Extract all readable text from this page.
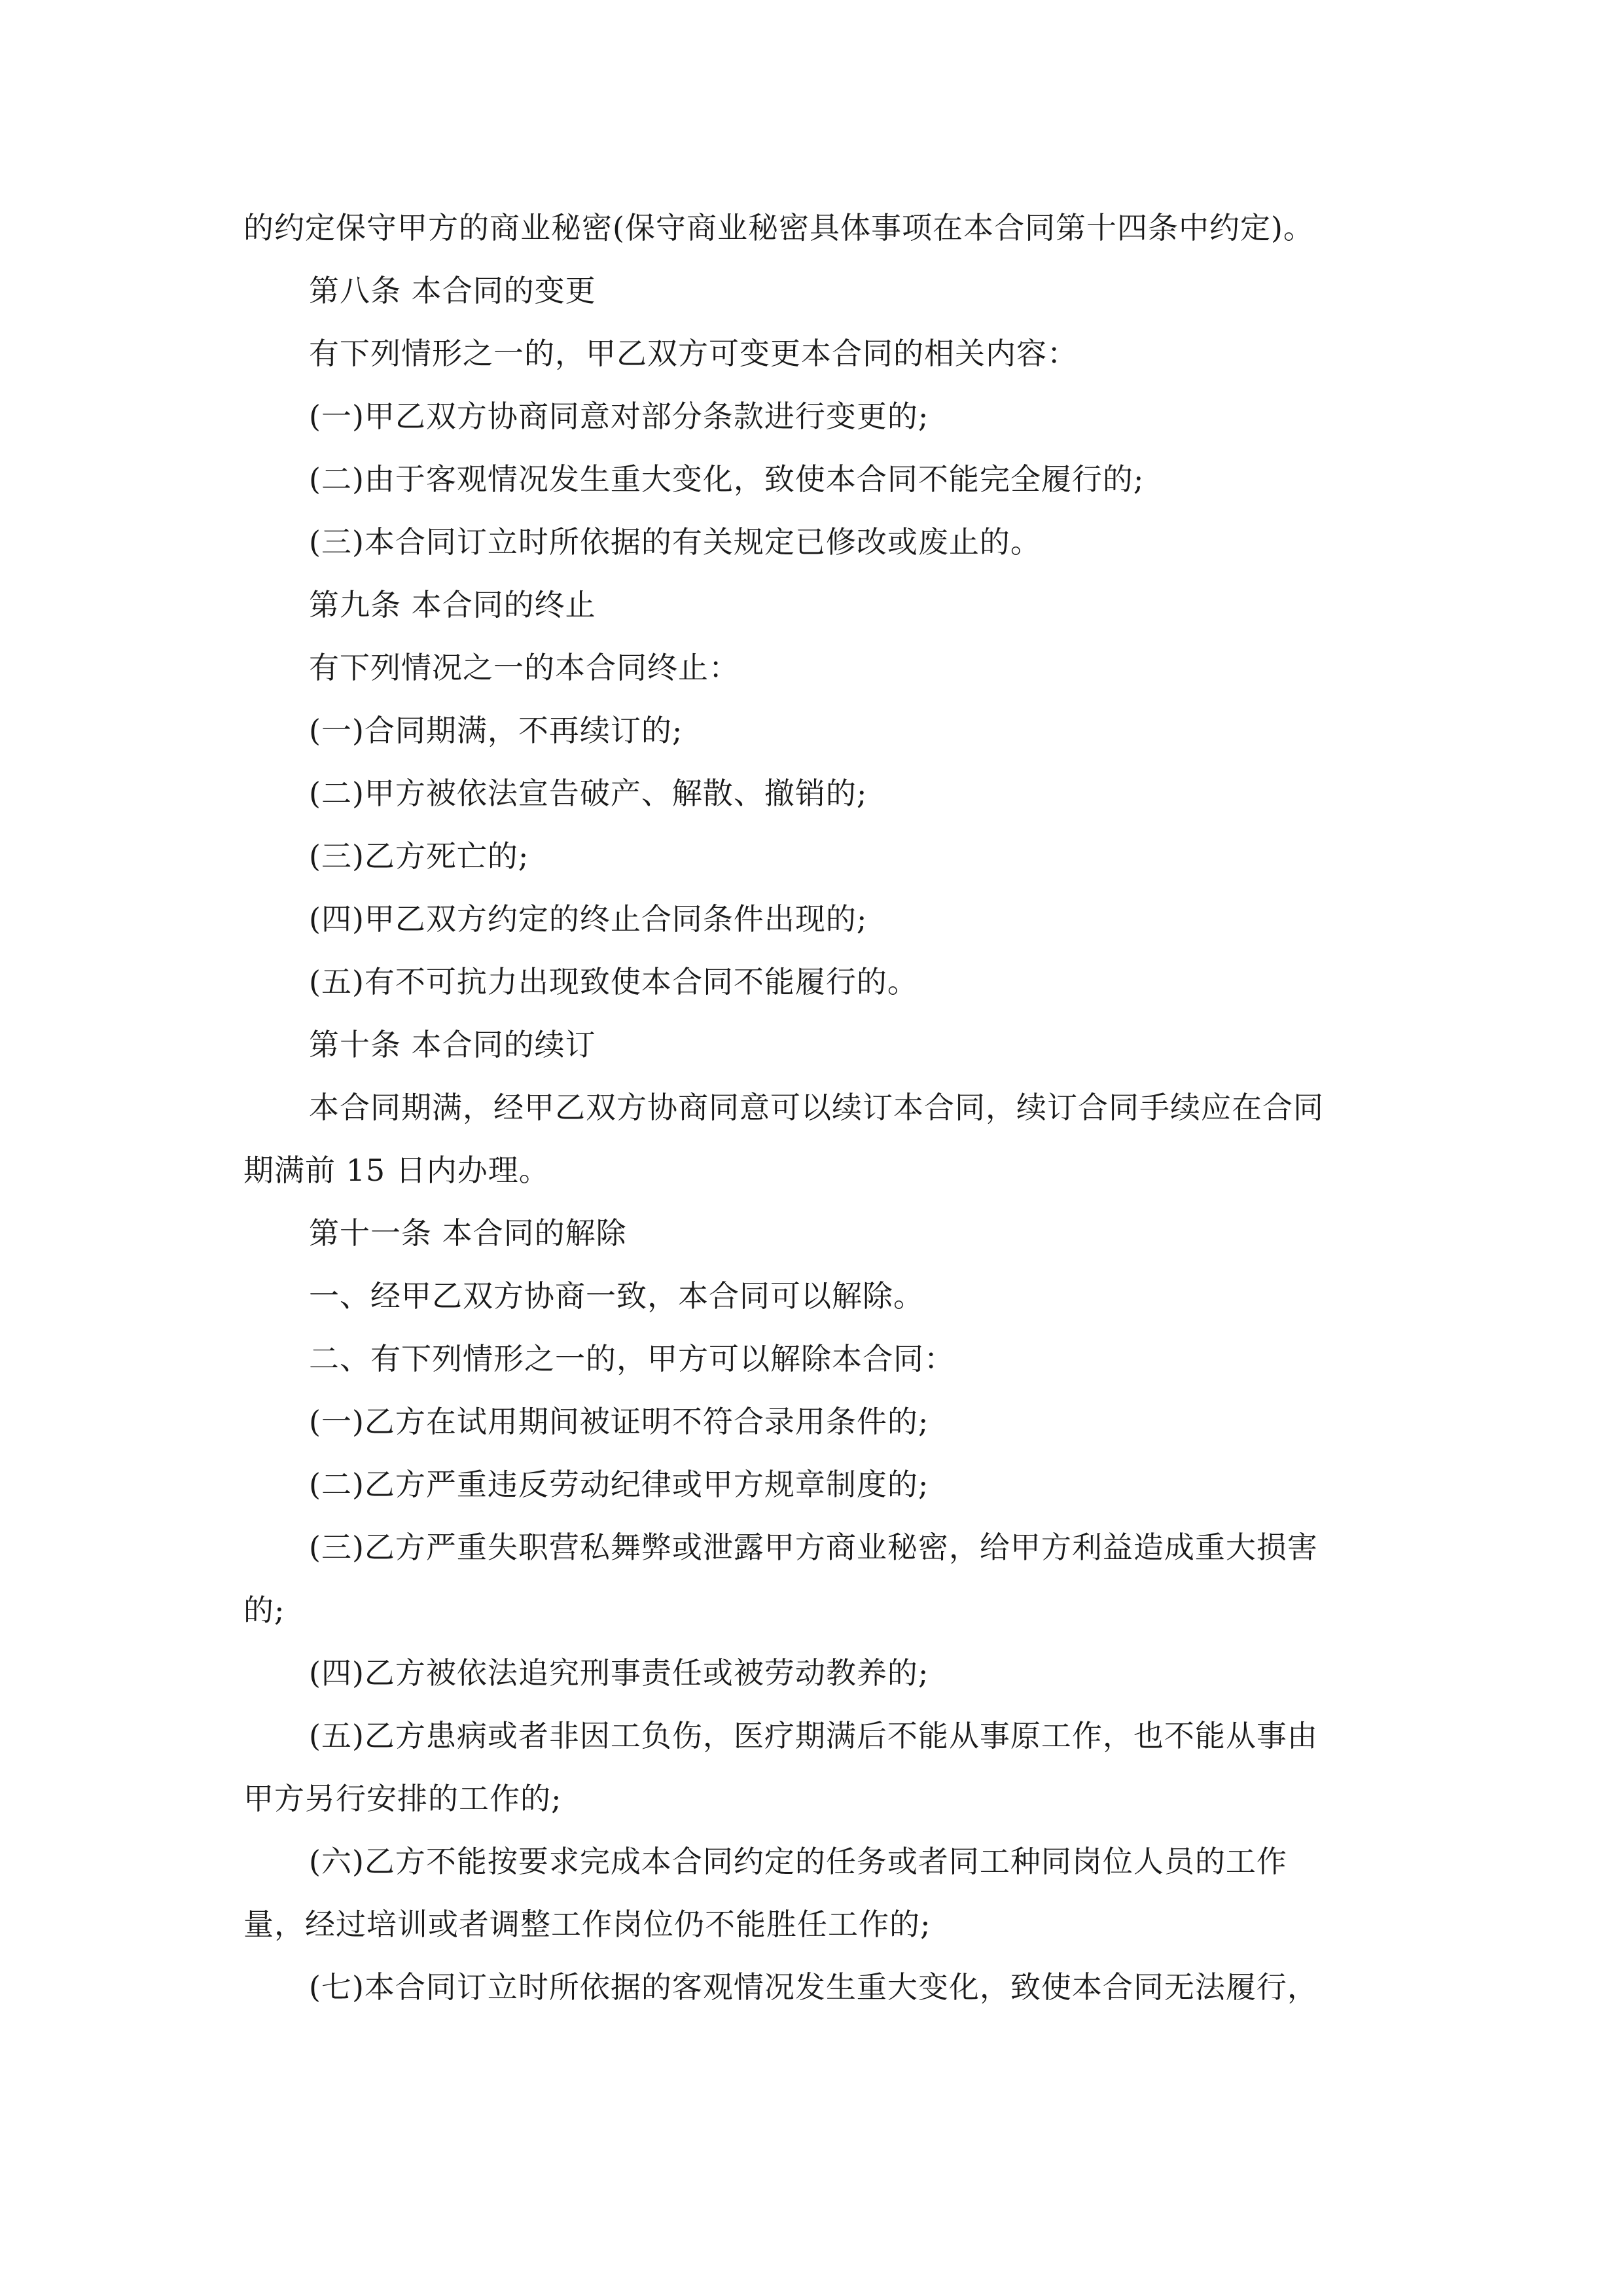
的约定保守甲方的商业秘密(保守商业秘密具体事项在本合同第十四条中约定)。
第八条 本合同的变更
有下列情形之一的，甲乙双方可变更本合同的相关内容：
(一)甲乙双方协商同意对部分条款进行变更的;
(二)由于客观情况发生重大变化，致使本合同不能完全履行的;
(三)本合同订立时所依据的有关规定已修改或废止的。
第九条 本合同的终止
有下列情况之一的本合同终止：
(一)合同期满，不再续订的;
(二)甲方被依法宣告破产、解散、撤销的;
(三)乙方死亡的;
(四)甲乙双方约定的终止合同条件出现的;
(五)有不可抗力出现致使本合同不能履行的。
第十条 本合同的续订
本合同期满，经甲乙双方协商同意可以续订本合同，续订合同手续应在合同
期满前 15 日内办理。
第十一条 本合同的解除
一、经甲乙双方协商一致，本合同可以解除。
二、有下列情形之一的，甲方可以解除本合同：
(一)乙方在试用期间被证明不符合录用条件的;
(二)乙方严重违反劳动纪律或甲方规章制度的;
(三)乙方严重失职营私舞弊或泄露甲方商业秘密，给甲方利益造成重大损害
的;
(四)乙方被依法追究刑事责任或被劳动教养的;
(五)乙方患病或者非因工负伤，医疗期满后不能从事原工作，也不能从事由
甲方另行安排的工作的;
(六)乙方不能按要求完成本合同约定的任务或者同工种同岗位人员的工作
量，经过培训或者调整工作岗位仍不能胜任工作的;
(七)本合同订立时所依据的客观情况发生重大变化，致使本合同无法履行，
